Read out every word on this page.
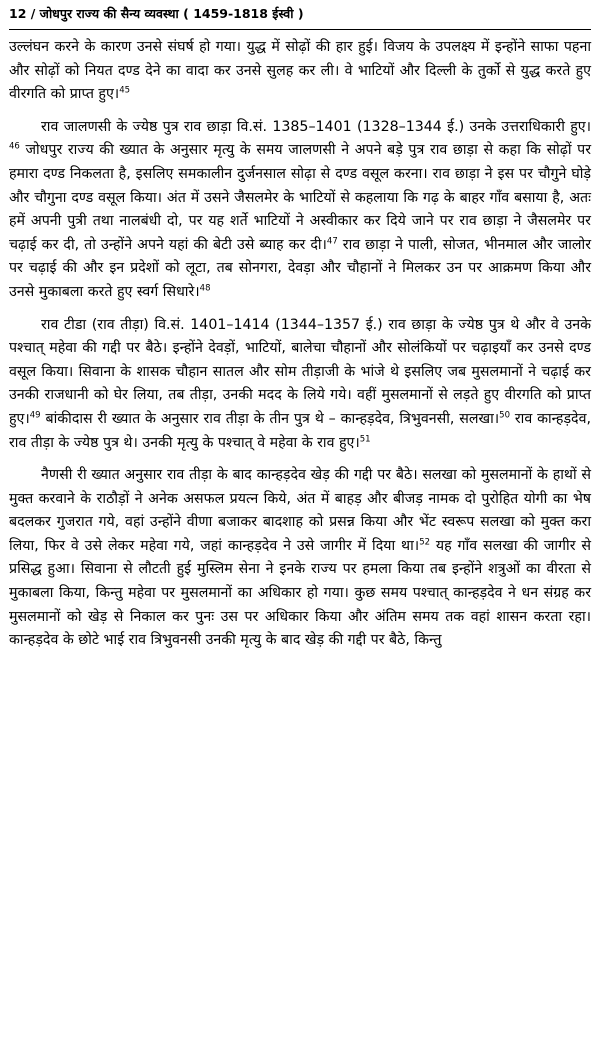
12 / जोधपुर राज्य की सैन्य व्यवस्था ( 1459-1818 ईस्वी )

उल्लंघन करने के कारण उनसे संघर्ष हो गया। युद्ध में सोढ़ों की हार हुई। विजय के उपलक्ष्य में इन्होंने साफा पहना और सोढ़ों को नियत दण्ड देने का वादा कर उनसे सुलह कर ली। वे भाटियों और दिल्ली के तुर्को से युद्ध करते हुए वीरगति को प्राप्त हुए।$^{45}$

राव जालणसी के ज्येष्ठ पुत्र राव छाड़ा वि.सं. 1385–1401 (1328–1344 ई.) उनके उत्तराधिकारी हुए।$^{46}$ जोधपुर राज्य की ख्यात के अनुसार मृत्यु के समय जालणसी ने अपने बड़े पुत्र राव छाड़ा से कहा कि सोढ़ों पर हमारा दण्ड निकलता है, इसलिए समकालीन दुर्जनसाल सोढ़ा से दण्ड वसूल करना। राव छाड़ा ने इस पर चौगुने घोड़े और चौगुना दण्ड वसूल किया। अंत में उसने जैसलमेर के भाटियों से कहलाया कि गढ़ के बाहर गाँव बसाया है, अतः हमें अपनी पुत्री तथा नालबंधी दो, पर यह शर्ते भाटियों ने अस्वीकार कर दिये जाने पर राव छाड़ा ने जैसलमेर पर चढ़ाई कर दी, तो उन्होंने अपने यहां की बेटी उसे ब्याह कर दी।$^{47}$ राव छाड़ा ने पाली, सोजत, भीनमाल और जालोर पर चढ़ाई की और इन प्रदेशों को लूटा, तब सोनगरा, देवड़ा और चौहानों ने मिलकर उन पर आक्रमण किया और उनसे मुकाबला करते हुए स्वर्ग सिधारे।$^{48}$

राव टीडा (राव तीड़ा) वि.सं. 1401–1414 (1344–1357 ई.) राव छाड़ा के ज्येष्ठ पुत्र थे और वे उनके पश्चात् महेवा की गद्दी पर बैठे। इन्होंने देवड़ों, भाटियों, बालेचा चौहानों और सोलंकियों पर चढ़ाइयाँ कर उनसे दण्ड वसूल किया। सिवाना के शासक चौहान सातल और सोम तीड़ाजी के भांजे थे इसलिए जब मुसलमानों ने चढ़ाई कर उनकी राजधानी को घेर लिया, तब तीड़ा, उनकी मदद के लिये गये। वहीं मुसलमानों से लड़ते हुए वीरगति को प्राप्त हुए।$^{49}$ बांकीदास री ख्यात के अनुसार राव तीड़ा के तीन पुत्र थे – कान्हड़देव, त्रिभुवनसी, सलखा।$^{50}$ राव कान्हड़देव, राव तीड़ा के ज्येष्ठ पुत्र थे। उनकी मृत्यु के पश्चात् वे महेवा के राव हुए।$^{51}$

नैणसी री ख्यात अनुसार राव तीड़ा के बाद कान्हड़देव खेड़ की गद्दी पर बैठे। सलखा को मुसलमानों के हाथों से मुक्त करवाने के राठौड़ों ने अनेक असफल प्रयत्न किये, अंत में बाहड़ और बीजड़ नामक दो पुरोहित योगी का भेष बदलकर गुजरात गये, वहां उन्होंने वीणा बजाकर बादशाह को प्रसन्न किया और भेंट स्वरूप सलखा को मुक्त करा लिया, फिर वे उसे लेकर महेवा गये, जहां कान्हड़देव ने उसे जागीर में दिया था।$^{52}$ यह गाँव सलखा की जागीर से प्रसिद्ध हुआ। सिवाना से लौटती हुई मुस्लिम सेना ने इनके राज्य पर हमला किया तब इन्होंने शत्रुओं का वीरता से मुकाबला किया, किन्तु महेवा पर मुसलमानों का अधिकार हो गया। कुछ समय पश्चात् कान्हड़देव ने धन संग्रह कर मुसलमानों को खेड़ से निकाल कर पुनः उस पर अधिकार किया और अंतिम समय तक वहां शासन करता रहा। कान्हड़देव के छोटे भाई राव त्रिभुवनसी उनकी मृत्यु के बाद खेड़ की गद्दी पर बैठे, किन्तु
